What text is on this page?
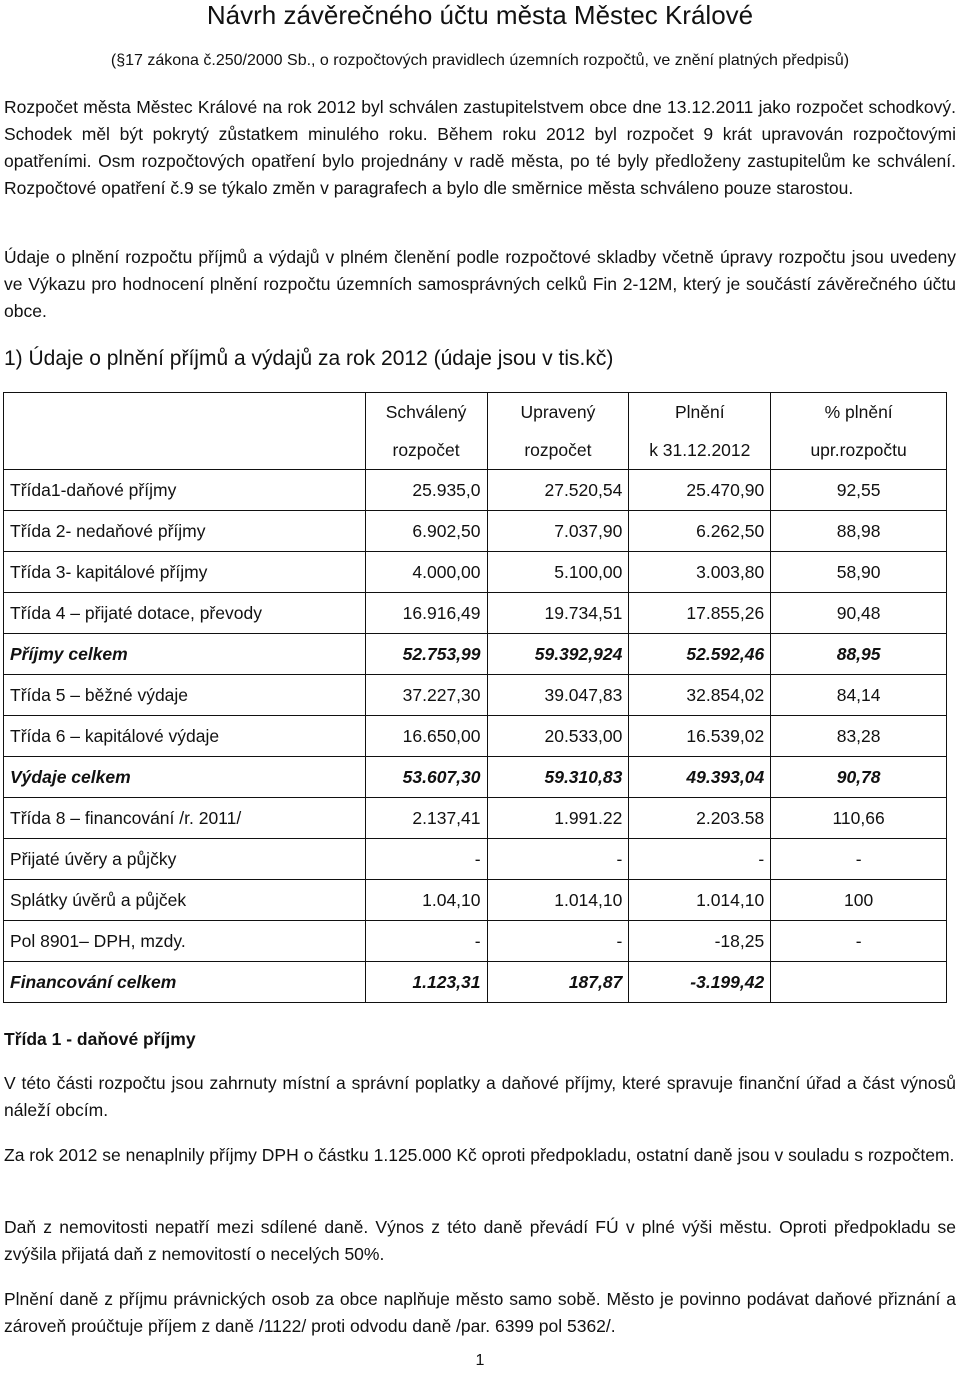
Návrh závěrečného účtu města Městec Králové
(§17 zákona č.250/2000 Sb., o rozpočtových pravidlech územních rozpočtů, ve znění platných předpisů)
Rozpočet města Městec Králové na rok 2012 byl schválen zastupitelstvem obce dne 13.12.2011 jako rozpočet schodkový. Schodek měl být pokrytý zůstatkem minulého roku. Během roku 2012 byl rozpočet 9 krát upravován rozpočtovými opatřeními. Osm rozpočtových opatření bylo projednány v radě města, po té byly předloženy zastupitelům ke schválení. Rozpočtové opatření č.9 se týkalo změn v paragrafech a bylo dle směrnice města schváleno pouze starostou.
Údaje o plnění rozpočtu příjmů a výdajů v plném členění podle rozpočtové skladby včetně úpravy rozpočtu jsou uvedeny ve Výkazu pro hodnocení plnění rozpočtu územních samosprávných celků Fin 2-12M, který je součástí závěrečného účtu obce.
1) Údaje o plnění příjmů a výdajů za rok 2012 (údaje jsou v tis.kč)
	Schválený	Upravený	Plnění	% plnění
	rozpočet	rozpočet	k 31.12.2012	upr.rozpočtu
Třída1-daňové příjmy	25.935,0	27.520,54	25.470,90	92,55
Třída 2- nedaňové příjmy	6.902,50	7.037,90	6.262,50	88,98
Třída 3- kapitálové příjmy	4.000,00	5.100,00	3.003,80	58,90
Třída 4 – přijaté dotace, převody	16.916,49	19.734,51	17.855,26	90,48
Příjmy celkem	52.753,99	59.392,924	52.592,46	88,95
Třída 5 – běžné výdaje	37.227,30	39.047,83	32.854,02	84,14
Třída 6 – kapitálové výdaje	16.650,00	20.533,00	16.539,02	83,28
Výdaje celkem	53.607,30	59.310,83	49.393,04	90,78
Třída 8 – financování /r. 2011/	2.137,41	1.991.22	2.203.58	110,66
Přijaté úvěry a půjčky	-	-	-	-
Splátky úvěrů a půjček	1.04,10	1.014,10	1.014,10	100
Pol 8901– DPH, mzdy.	-	-	-18,25	-
Financování celkem	1.123,31	187,87	-3.199,42	
Třída 1 - daňové příjmy
V této části rozpočtu jsou zahrnuty místní a správní poplatky a daňové příjmy, které spravuje finanční úřad a část výnosů náleží obcím.
Za rok 2012 se nenaplnily příjmy DPH o částku 1.125.000 Kč oproti předpokladu, ostatní daně jsou v souladu s rozpočtem.
Daň z nemovitosti nepatří mezi sdílené daně. Výnos z této daně převádí FÚ v plné výši městu. Oproti předpokladu se zvýšila přijatá daň z nemovitostí o necelých 50%.
Plnění daně z příjmu právnických osob za obce naplňuje město samo sobě. Město je povinno podávat daňové přiznání a zároveň proúčtuje příjem z daně /1122/ proti odvodu daně /par. 6399 pol 5362/.
1
